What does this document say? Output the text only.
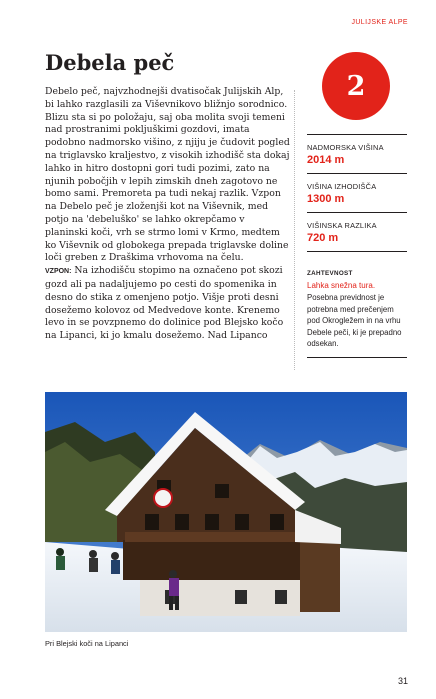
JULIJSKE ALPE
2
Debela peč

Debelo peč, najvzhodnejši dvatisočak Julijskih Alp, bi lahko razglasili za Viševnikovo bližnjo sorodnico. Blizu sta si po položaju, saj oba molita svoji temeni nad prostranimi pokljuškimi gozdovi, imata podobno nadmorsko višino, z njiju je čudovit pogled na triglavsko kraljestvo, z visokih izhodišč sta dokaj lahko in hitro dostopni gori tudi pozimi, zato na njunih pobočjih v lepih zimskih dneh zagotovo ne bomo sami. Premoreta pa tudi nekaj razlik. Vzpon na Debelo peč je zloženjši kot na Viševnik, med potjo na 'debeluško' se lahko okrepčamo v planinski koči, vrh se strmo lomi v Krmo, medtem ko Viševnik od globokega prepada triglavske doline loči greben z Draškima vrhovoma na čelu.

VZPON: Na izhodišču stopimo na označeno pot skozi gozd ali pa nadaljujemo po cesti do spomenika in desno do stika z omenjeno potjo. Višje proti desni dosežemo kolovoz od Medvedove konte. Krenemo levo in se povzpnemo do dolinice pod Blejsko kočo na Lipanci, ki jo kmalu dosežemo. Nad Lipanco

NADMORSKA VIŠINA
2014 m
VIŠINA IZHODIŠČA
1300 m
VIŠINSKA RAZLIKA
720 m
ZAHTEVNOST
Lahka snežna tura.
Posebna previdnost je potrebna med prečenjem pod Okrogležem in na vrhu Debele peči, ki je prepadno odsekan.
Pri Blejski koči na Lipanci
31
